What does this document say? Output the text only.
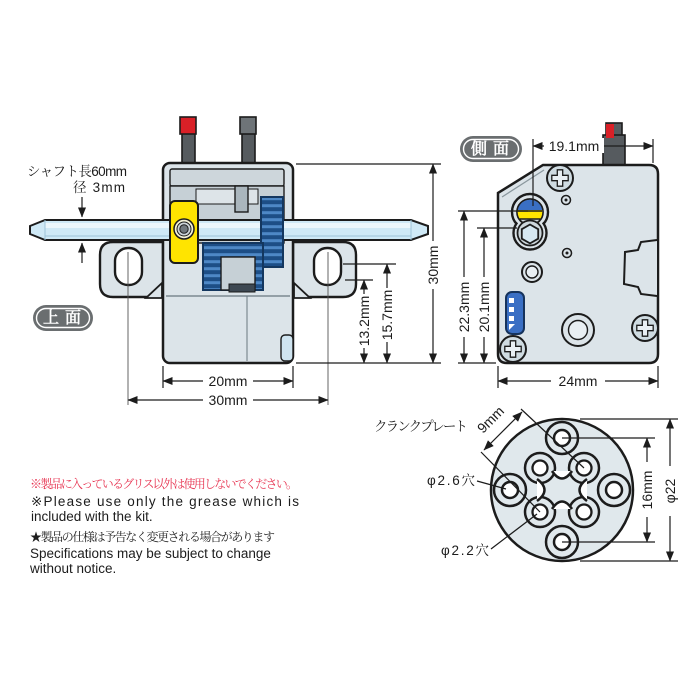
シャフト長60mm
径 3mm
30mm
15.7mm
13.2mm
20mm
30mm
上面
19.1mm
22.3mm 20.1mm
24mm
側面
クランクプレート 9mm
φ2.6穴
φ2.2穴
16mm φ22
※製品に入っているグリス以外は使用しないでください。
※Please use only the grease which is
included with the kit.
★製品の仕様は予告なく変更される場合があります
Specifications may be subject to change
without notice.
